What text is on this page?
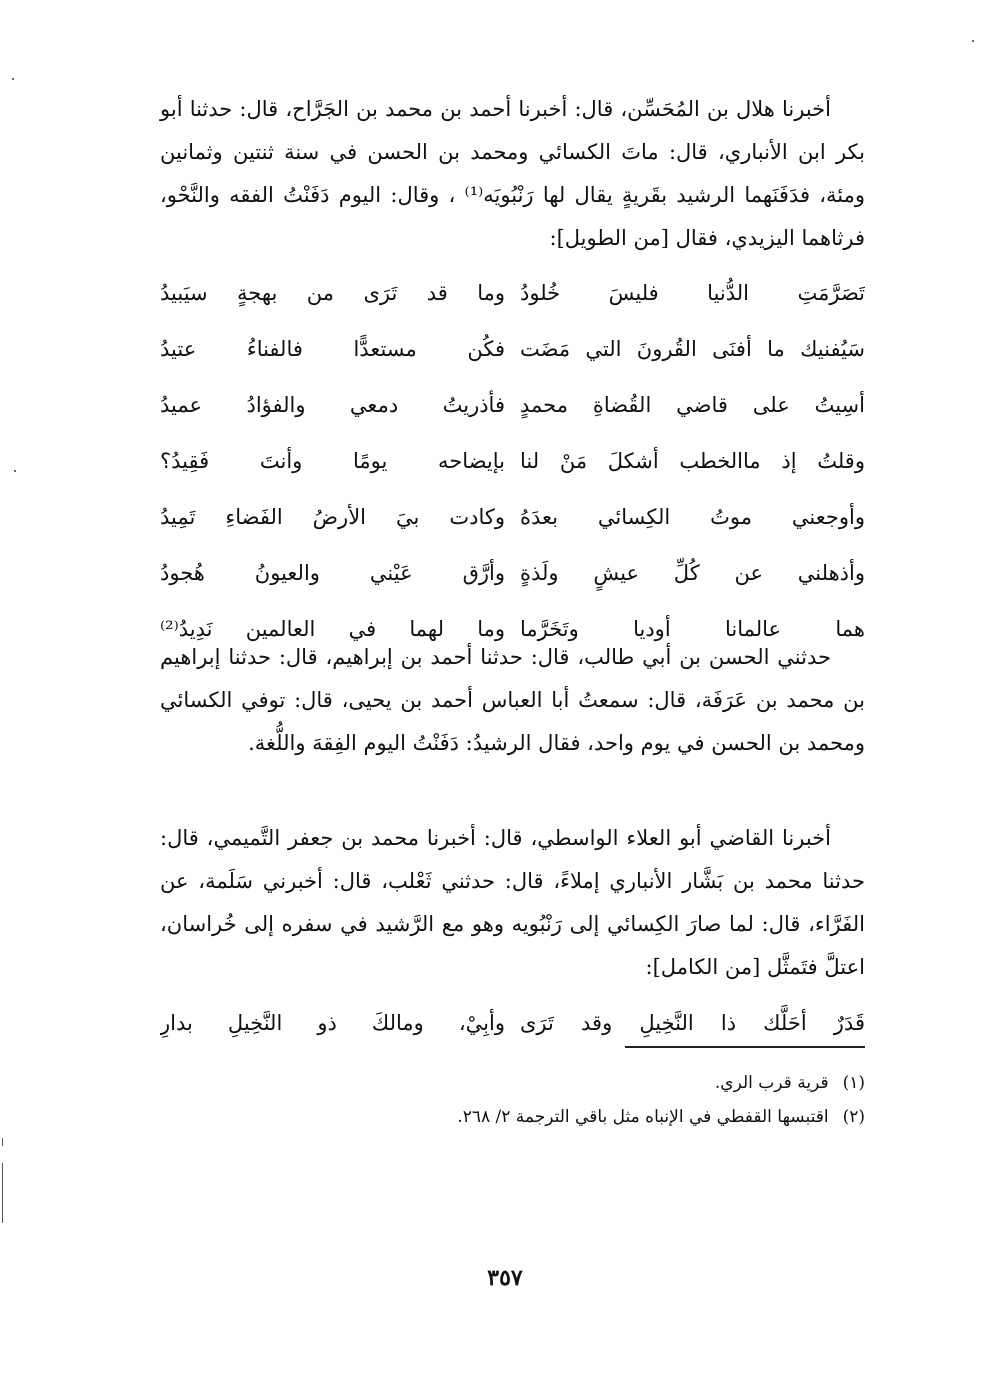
أخبرنا هلال بن المُحَسِّن، قال: أخبرنا أحمد بن محمد بن الجَرَّاح، قال: حدثنا أبو بكر ابن الأنباري، قال: ماتَ الكسائي ومحمد بن الحسن في سنة ثنتين وثمانين ومئة، فدَفَنَهما الرشيد بقَريةٍ يقال لها رَنْبُويَه⁽¹⁾ ، وقال: اليوم دَفَنْتُ الفقه والنَّحْو، فرثاهما اليزيدي، فقال [من الطويل]:

تَصَرَّمَتِ الدُّنيا فليسَ خُلودُ
وما قد تَرَى من بهجةٍ سيَبيدُ
سَيُفنيك ما أفنَى القُرونَ التي مَضَت
فكُن مستعدًّا فالفناءُ عتيدُ
أسِيتُ على قاضي القُضاةِ محمدٍ
فأذريتُ دمعي والفؤادُ عميدُ
وقلتُ إذ ماالخطب أشكلَ مَنْ لنا
بإيضاحه يومًا وأنتَ فَقِيدُ؟
وأوجعني موتُ الكِسائي بعدَهُ
وكادت بيَ الأرضُ الفَضاءِ تَمِيدُ
وأذهلني عن كُلِّ عيشٍ ولَذةٍ
وأرَّق عَيْني والعيونُ هُجودُ
هما عالمانا أوديا وتَخَرَّما
وما لهما في العالمين نَدِيدُ⁽²⁾

حدثني الحسن بن أبي طالب، قال: حدثنا أحمد بن إبراهيم، قال: حدثنا إبراهيم بن محمد بن عَرَفَة، قال: سمعتُ أبا العباس أحمد بن يحيى، قال: توفي الكسائي ومحمد بن الحسن في يوم واحد، فقال الرشيدُ: دَفَنْتُ اليوم الفِقهَ واللُّغة.

أخبرنا القاضي أبو العلاء الواسطي، قال: أخبرنا محمد بن جعفر التَّميمي، قال: حدثنا محمد بن بَشَّار الأنباري إملاءً، قال: حدثني ثَعْلب، قال: أخبرني سَلَمة، عن الفَرَّاء، قال: لما صارَ الكِسائي إلى رَنْبُويه وهو مع الرَّشيد في سفره إلى خُراسان، اعتلَّ فتَمثَّل [من الكامل]:

قَدَرٌ أحَلَّك ذا النَّخِيلِ وقد تَرَى
وأبِيْ، ومالكَ ذو النَّخِيلِ بدارِ
(١)قرية قرب الري.
(٢)اقتبسها القفطي في الإنباه مثل باقي الترجمة ٢/ ٢٦٨.
٣٥٧
